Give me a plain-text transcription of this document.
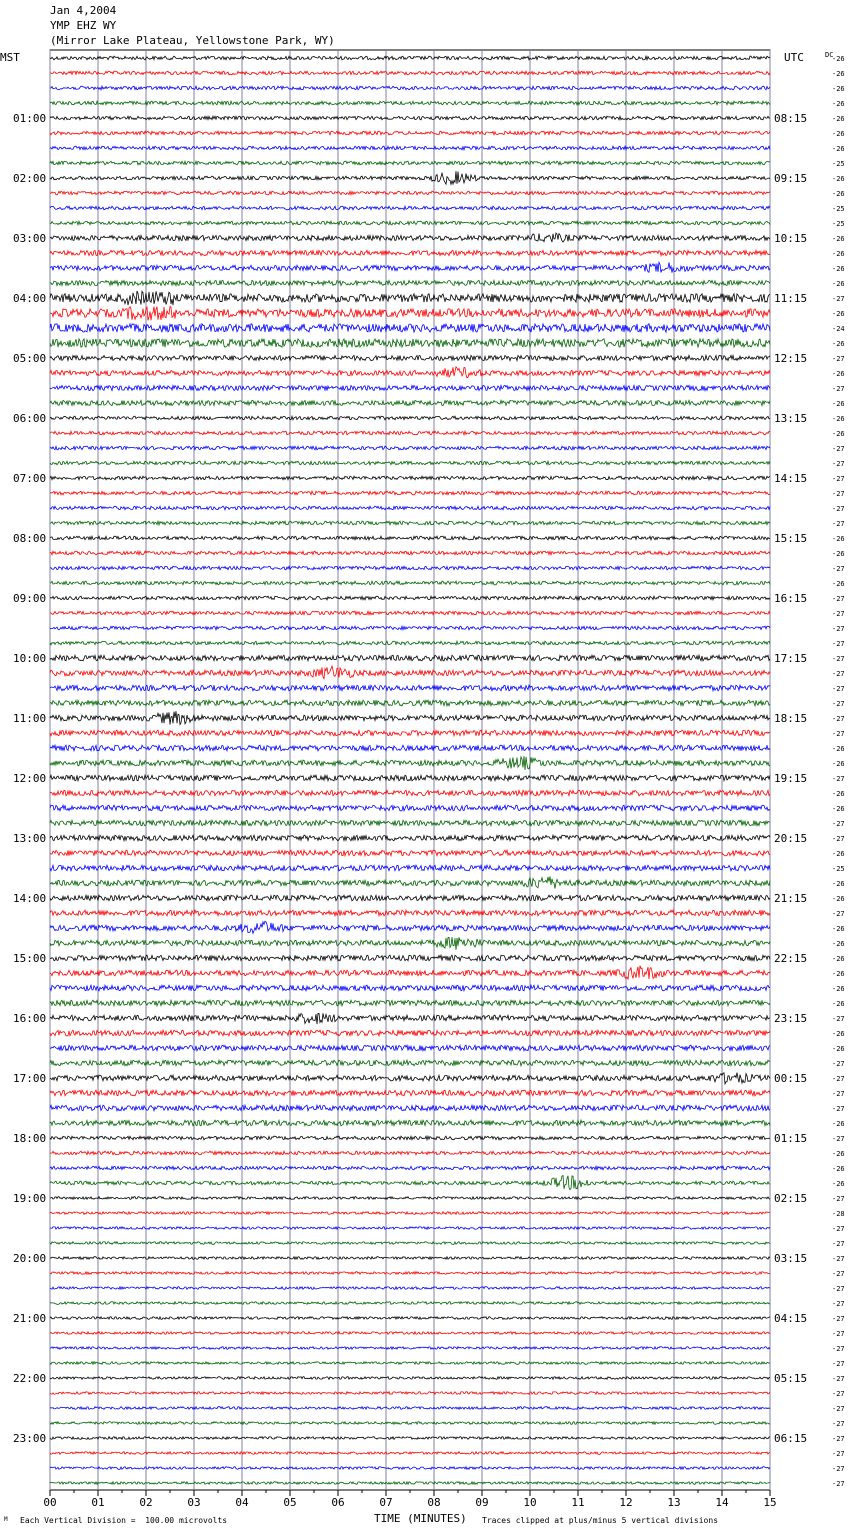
Jan 4,2004
YMP EHZ WY
(Mirror Lake Plateau, Yellowstone Park, WY)
MST	UTC	DC
00	01	02	03	04	05	06	07	08	09	10	11	12	13	14	15
-26
-26
-26
-26
-26
-26
-26
-25
-26
-26
-25
-25
-26
-26
-26
-26
-27
-26
-24
-26
-27
-26
-27
-26
-26
-26
-27
-27
-27
-27
-27
-27
-26
-26
-27
-26
-27
-27
-27
-27
-27
-27
-27
-27
-27
-27
-26
-26
-27
-26
-26
-27
-27
-26
-25
-26
-26
-27
-26
-26
-26
-26
-26
-26
-27
-26
-26
-27
-27
-27
-27
-26
-27
-26
-26
-26
-27
-28
-27
-27
-27
-27
-27
-27
-27
-27
-27
-27
-27
-27
-27
-27
-27
-27
-27
-27
01:00
02:00
03:00
04:00
05:00
06:00
07:00
08:00
09:00
10:00
11:00
12:00
13:00
14:00
15:00
16:00
17:00
18:00
19:00
20:00
21:00
22:00
23:00
08:15
09:15
10:15
11:15
12:15
13:15
14:15
15:15
16:15
17:15
18:15
19:15
20:15
21:15
22:15
23:15
00:15
01:15
02:15
03:15
04:15
05:15
06:15
M Each Vertical Division =  100.00 microvolts	TIME (MINUTES) Traces clipped at plus/minus 5 vertical divisions
